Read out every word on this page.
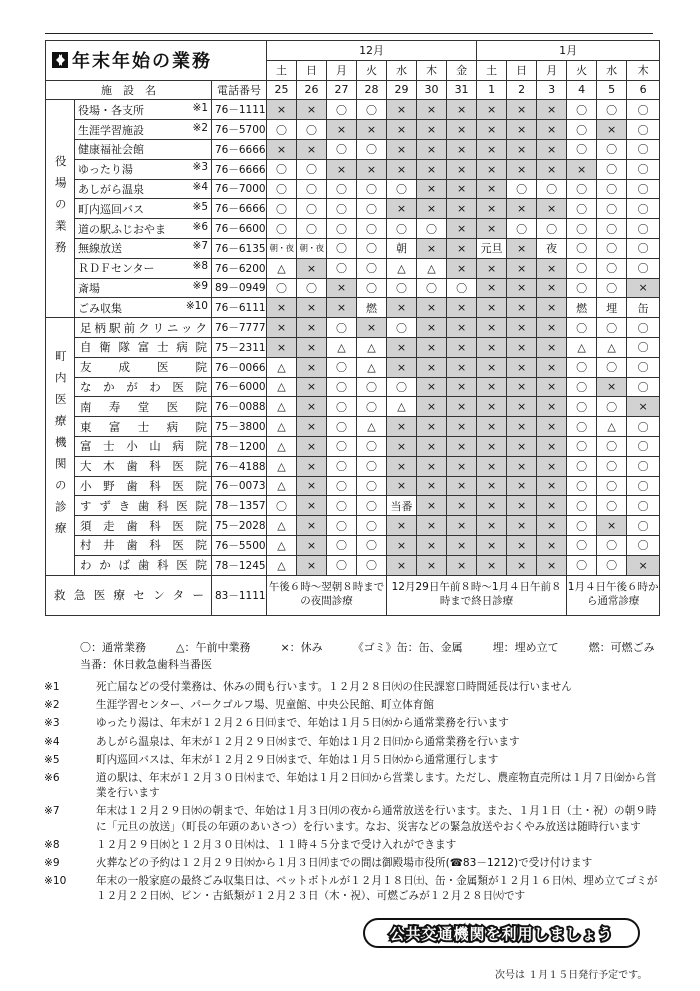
年末年始の業務			12月							1月					
			土	日	月	火	水	木	金	土	日	月	火	水	木
施　設　名		電話番号	25	26	27	28	29	30	31	1	2	3	4	5	6
役場の業務	役場・各支所 ※1	76－1111	×	×	〇	〇	×	×	×	×	×	×	〇	〇	〇
	生涯学習施設 ※2	76－5700	〇	〇	×	×	×	×	×	×	×	×	〇	×	〇
	健康福祉会館	76－6666	×	×	〇	〇	×	×	×	×	×	×	〇	〇	〇
	ゆったり湯 ※3	76－6666	〇	〇	×	×	×	×	×	×	×	×	×	〇	〇
	あしがら温泉 ※4	76－7000	〇	〇	〇	〇	〇	×	×	×	〇	〇	〇	〇	〇
	町内巡回バス ※5	76－6666	〇	〇	〇	〇	×	×	×	×	×	×	〇	〇	〇
	道の駅ふじおやま ※6	76－6600	〇	〇	〇	〇	〇	〇	×	×	〇	〇	〇	〇	〇
	無線放送 ※7	76－6135	朝・夜	朝・夜	〇	〇	朝	×	×	元旦	×	夜	〇	〇	〇
	ＲＤＦセンター ※8	76－6200	△	×	〇	〇	△	△	×	×	×	×	〇	〇	〇
	斎場 ※9	89－0949	〇	〇	×	〇	〇	〇	〇	×	×	×	〇	〇	×
	ごみ収集 ※10	76－6111	×	×	×	燃	×	×	×	×	×	×	燃	埋	缶
町内医療機関の診療	足柄駅前クリニック	76－7777	×	×	〇	×	〇	×	×	×	×	×	〇	〇	〇
	自衛隊富士病院	75－2311	×	×	△	△	×	×	×	×	×	×	△	△	〇
	友成医院	76－0066	△	×	〇	△	×	×	×	×	×	×	〇	〇	〇
	なかがわ医院	76－6000	△	×	〇	〇	〇	×	×	×	×	×	〇	×	〇
	南寿堂医院	76－0088	△	×	〇	〇	△	×	×	×	×	×	〇	〇	×
	東富士病院	75－3800	△	×	〇	△	×	×	×	×	×	×	〇	△	〇
	富士小山病院	78－1200	△	×	〇	〇	×	×	×	×	×	×	〇	〇	〇
	大木歯科医院	76－4188	△	×	〇	〇	×	×	×	×	×	×	〇	〇	〇
	小野歯科医院	76－0073	△	×	〇	〇	×	×	×	×	×	×	〇	〇	〇
	すずき歯科医院	78－1357	〇	×	〇	〇	当番	×	×	×	×	×	〇	〇	〇
	須走歯科医院	75－2028	△	×	〇	〇	×	×	×	×	×	×	〇	×	〇
	村井歯科医院	76－5500	△	×	〇	〇	×	×	×	×	×	×	〇	〇	〇
	わかば歯科医院	78－1245	△	×	〇	〇	×	×	×	×	×	×	〇	〇	×
救急医療センター		83－1111	午後６時～翌朝８時までの夜間診療				12月29日午前８時～1月４日午前８時まで終日診療						1月４日午後６時から通常診療		
〇：通常業務	△：午前中業務	×：休み	《ゴミ》缶：缶、金属	埋：埋め立て	燃：可燃ごみ
当番：休日救急歯科当番医
※1	死亡届などの受付業務は、休みの間も行います。１２月２８日㈫の住民課窓口時間延長は行いません
※2	生涯学習センター、パークゴルフ場、児童館、中央公民館、町立体育館
※3	ゆったり湯は、年末が１２月２６日㈰まで、年始は１月５日㈬から通常業務を行います
※4	あしがら温泉は、年末が１２月２９日㈬まで、年始は１月２日㈰から通常業務を行います
※5	町内巡回バスは、年末が１２月２９日㈬まで、年始は１月５日㈬から通常運行します
※6	道の駅は、年末が１２月３０日㈭まで、年始は１月２日㈰から営業します。ただし、農産物直売所は１月７日㈮から営業を行います
※7	年末は１２月２９日㈬の朝まで、年始は１月３日㈪の夜から通常放送を行います。また、１月１日（土・祝）の朝９時に「元旦の放送」（町長の年頭のあいさつ）を行います。なお、災害などの緊急放送やおくやみ放送は随時行います
※8	１２月２９日㈬と１２月３０日㈭は、１１時４５分まで受け入れができます
※9	火葬などの予約は１２月２９日㈬から１月３日㈪までの間は御殿場市役所(☎83－1212)で受け付けます
※10	年末の一般家庭の最終ごみ収集日は、ペットボトルが１２月１８日㈯、缶・金属類が１２月１６日㈭、埋め立てゴミが１２月２２日㈬、ビン・古紙類が１２月２３日（木・祝）、可燃ごみが１２月２８日㈫です
公共交通機関を利用しましょう
次号は １月１５日発行予定です。
